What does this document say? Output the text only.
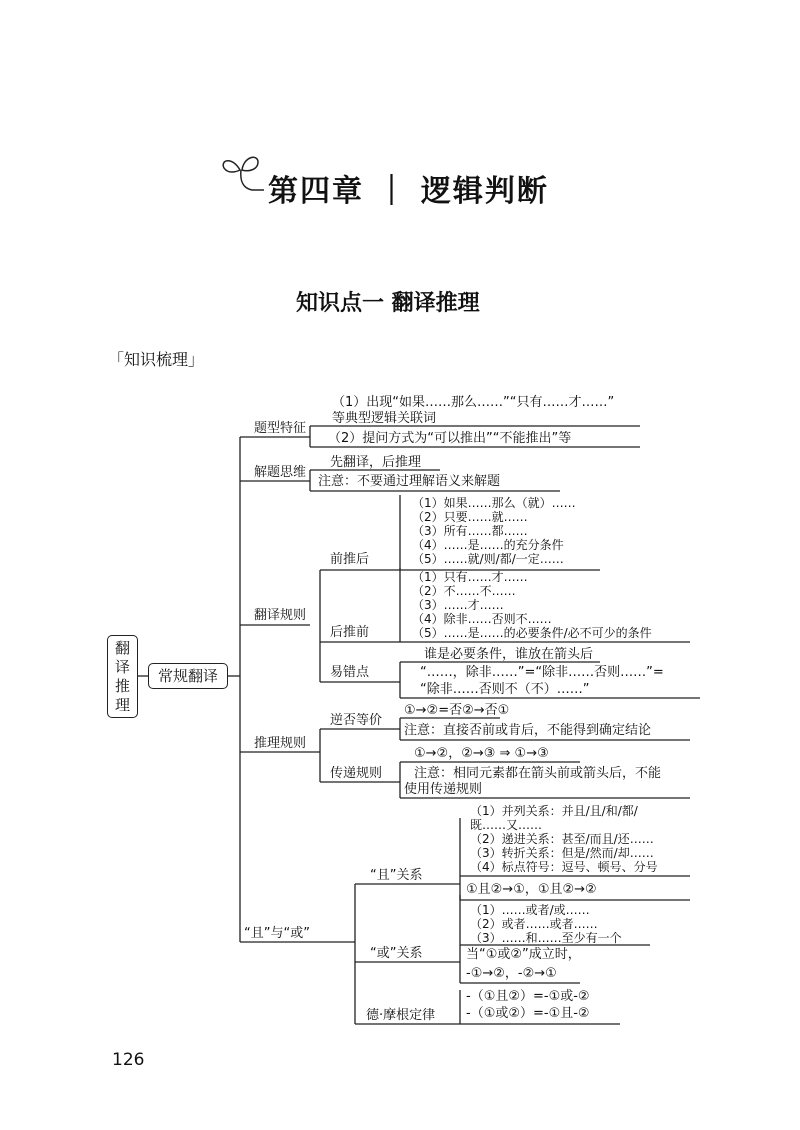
第四章 ｜ 逻辑判断
知识点一 翻译推理
「知识梳理」
翻
译
推
理
常规翻译
题型特征
解题思维
翻译规则
推理规则
“且”与“或”
（1）出现“如果……那么……”“只有……才……”
等典型逻辑关联词
（2）提问方式为“可以推出”“不能推出”等
先翻译，后推理
注意：不要通过理解语义来解题
前推后
（1）如果……那么（就）……
（2）只要……就……
（3）所有……都……
（4）……是……的充分条件
（5）……就/则/都/一定……
后推前
（1）只有……才……
（2）不……不……
（3）……才……
（4）除非……否则不……
（5）……是……的必要条件/必不可少的条件
易错点
谁是必要条件，谁放在箭头后
“……，除非……”=“除非……否则……”=
“除非……否则不（不）……”
逆否等价
①→②=否②→否①
注意：直接否前或肯后，不能得到确定结论
传递规则
①→②，②→③ ⇒ ①→③
注意：相同元素都在箭头前或箭头后，不能
使用传递规则
“且”关系
（1）并列关系：并且/且/和/都/
既……又……
（2）递进关系：甚至/而且/还……
（3）转折关系：但是/然而/却……
（4）标点符号：逗号、顿号、分号
①且②→①，①且②→②
“或”关系
（1）……或者/或……
（2）或者……或者……
（3）……和……至少有一个
当“①或②”成立时，
-①→②，-②→①
德·摩根定律
-（①且②）=-①或-②
-（①或②）=-①且-②
126
